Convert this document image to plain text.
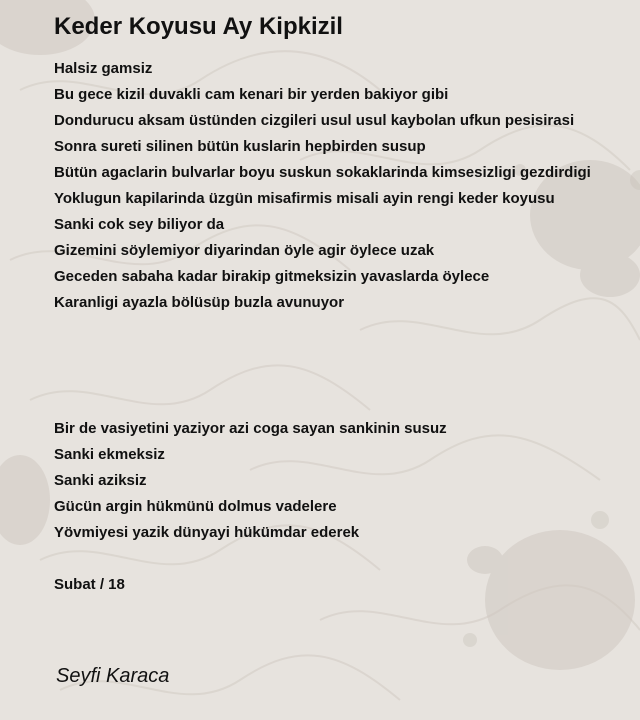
Keder Koyusu Ay Kipkizil
Halsiz gamsiz
Bu gece kizil duvakli cam kenari bir yerden bakiyor gibi
Dondurucu aksam üstünden cizgileri usul usul kaybolan ufkun pesisirasi
Sonra sureti silinen bütün kuslarin hepbirden susup
Bütün agaclarin bulvarlar boyu suskun sokaklarinda kimsesizligi gezdirdigi
Yoklugun kapilarinda üzgün misafirmis misali ayin rengi keder koyusu
Sanki cok sey biliyor da
Gizemini söylemiyor diyarindan öyle agir öylece uzak
Geceden sabaha kadar birakip gitmeksizin yavaslarda öylece
Karanligi ayazla bölüsüp buzla avunuyor
Bir de vasiyetini yaziyor azi coga sayan sankinin susuz
Sanki ekmeksiz
Sanki aziksiz
Gücün argin hükmünü dolmus vadelere
Yövmiyesi yazik dünyayi hükümdar ederek
Subat / 18
Seyfi Karaca
